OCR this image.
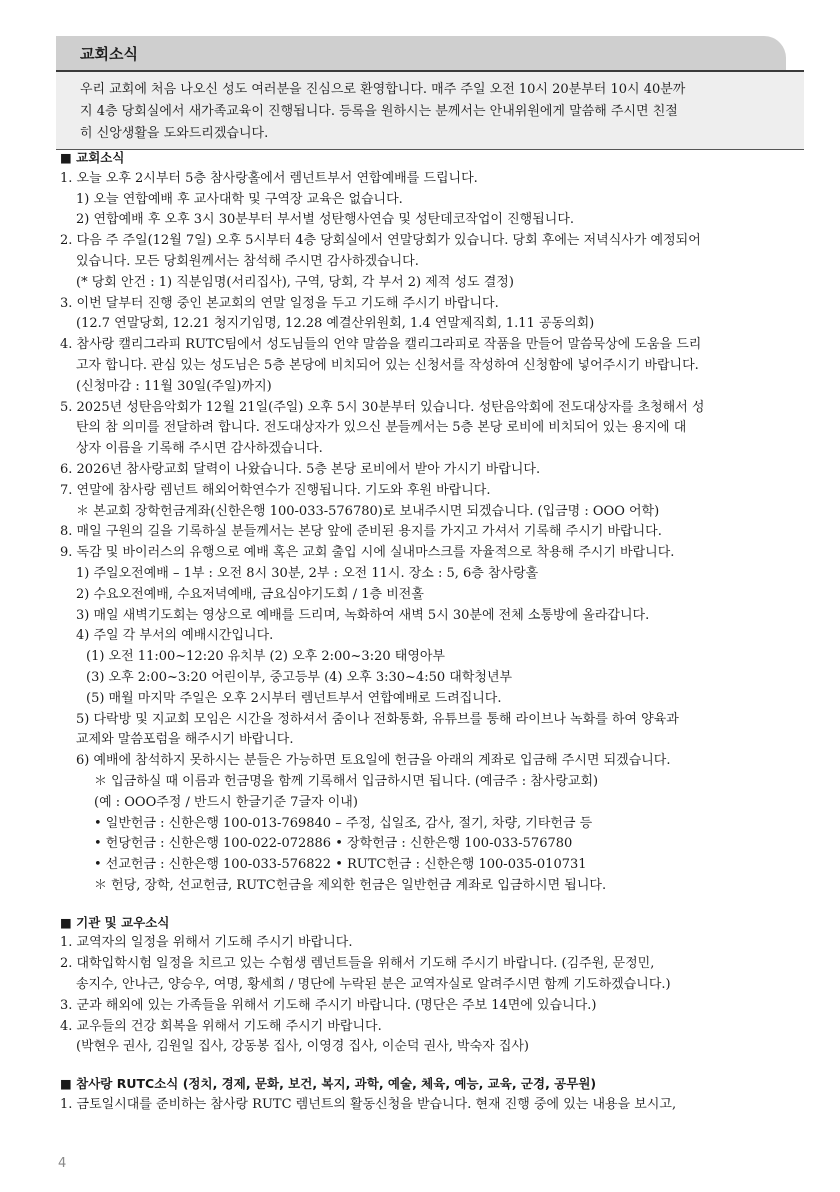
교회소식
우리 교회에 처음 나오신 성도 여러분을 진심으로 환영합니다. 매주 주일 오전 10시 20분부터 10시 40분까
지 4층 당회실에서 새가족교육이 진행됩니다. 등록을 원하시는 분께서는 안내위원에게 말씀해 주시면 친절
히 신앙생활을 도와드리겠습니다.
■ 교회소식
1. 오늘 오후 2시부터 5층 참사랑홀에서 렘넌트부서 연합예배를 드립니다.
1) 오늘 연합예배 후 교사대학 및 구역장 교육은 없습니다.
2) 연합예배 후 오후 3시 30분부터 부서별 성탄행사연습 및 성탄데코작업이 진행됩니다.
2. 다음 주 주일(12월 7일) 오후 5시부터 4층 당회실에서 연말당회가 있습니다. 당회 후에는 저녁식사가 예정되어
있습니다. 모든 당회원께서는 참석해 주시면 감사하겠습니다.
(* 당회 안건 : 1) 직분임명(서리집사), 구역, 당회, 각 부서 2) 제적 성도 결정)
3. 이번 달부터 진행 중인 본교회의 연말 일정을 두고 기도해 주시기 바랍니다.
(12.7 연말당회, 12.21 청지기임명, 12.28 예결산위원회, 1.4 연말제직회, 1.11 공동의회)
4. 참사랑 캘리그라피 RUTC팀에서 성도님들의 언약 말씀을 캘리그라피로 작품을 만들어 말씀묵상에 도움을 드리
고자 합니다. 관심 있는 성도님은 5층 본당에 비치되어 있는 신청서를 작성하여 신청함에 넣어주시기 바랍니다.
(신청마감 : 11월 30일(주일)까지)
5. 2025년 성탄음악회가 12월 21일(주일) 오후 5시 30분부터 있습니다. 성탄음악회에 전도대상자를 초청해서 성
탄의 참 의미를 전달하려 합니다. 전도대상자가 있으신 분들께서는 5층 본당 로비에 비치되어 있는 용지에 대
상자 이름을 기록해 주시면 감사하겠습니다.
6. 2026년 참사랑교회 달력이 나왔습니다. 5층 본당 로비에서 받아 가시기 바랍니다.
7. 연말에 참사랑 렘넌트 해외어학연수가 진행됩니다. 기도와 후원 바랍니다.
＊ 본교회 장학헌금계좌(신한은행 100-033-576780)로 보내주시면 되겠습니다. (입금명 : OOO 어학)
8. 매일 구원의 길을 기록하실 분들께서는 본당 앞에 준비된 용지를 가지고 가셔서 기록해 주시기 바랍니다.
9. 독감 및 바이러스의 유행으로 예배 혹은 교회 출입 시에 실내마스크를 자율적으로 착용해 주시기 바랍니다.
1) 주일오전예배 – 1부 : 오전 8시 30분, 2부 : 오전 11시. 장소 : 5, 6층 참사랑홀
2) 수요오전예배, 수요저녁예배, 금요심야기도회 / 1층 비전홀
3) 매일 새벽기도회는 영상으로 예배를 드리며, 녹화하여 새벽 5시 30분에 전체 소통방에 올라갑니다.
4) 주일 각 부서의 예배시간입니다.
(1) 오전 11:00~12:20 유치부 (2) 오후 2:00~3:20 태영아부
(3) 오후 2:00~3:20 어린이부, 중고등부 (4) 오후 3:30~4:50 대학청년부
(5) 매월 마지막 주일은 오후 2시부터 렘넌트부서 연합예배로 드려집니다.
5) 다락방 및 지교회 모임은 시간을 정하셔서 줌이나 전화통화, 유튜브를 통해 라이브나 녹화를 하여 양육과
교제와 말씀포럼을 해주시기 바랍니다.
6) 예배에 참석하지 못하시는 분들은 가능하면 토요일에 헌금을 아래의 계좌로 입금해 주시면 되겠습니다.
＊ 입금하실 때 이름과 헌금명을 함께 기록해서 입금하시면 됩니다. (예금주 : 참사랑교회)
(예 : OOO주정 / 반드시 한글기준 7글자 이내)
• 일반헌금 : 신한은행 100-013-769840 – 주정, 십일조, 감사, 절기, 차량, 기타헌금 등
• 헌당헌금 : 신한은행 100-022-072886 • 장학헌금 : 신한은행 100-033-576780
• 선교헌금 : 신한은행 100-033-576822 • RUTC헌금 : 신한은행 100-035-010731
＊ 헌당, 장학, 선교헌금, RUTC헌금을 제외한 헌금은 일반헌금 계좌로 입금하시면 됩니다.
■ 기관 및 교우소식
1. 교역자의 일정을 위해서 기도해 주시기 바랍니다.
2. 대학입학시험 일정을 치르고 있는 수험생 렘넌트들을 위해서 기도해 주시기 바랍니다. (김주원, 문정민,
송지수, 안나근, 양승우, 여명, 황세희 / 명단에 누락된 분은 교역자실로 알려주시면 함께 기도하겠습니다.)
3. 군과 해외에 있는 가족들을 위해서 기도해 주시기 바랍니다. (명단은 주보 14면에 있습니다.)
4. 교우들의 건강 회복을 위해서 기도해 주시기 바랍니다.
(박현우 권사, 김원일 집사, 강동봉 집사, 이영경 집사, 이순덕 권사, 박숙자 집사)
■ 참사랑 RUTC소식 (정치, 경제, 문화, 보건, 복지, 과학, 예술, 체육, 예능, 교육, 군경, 공무원)
1. 금토일시대를 준비하는 참사랑 RUTC 렘넌트의 활동신청을 받습니다. 현재 진행 중에 있는 내용을 보시고,
4
